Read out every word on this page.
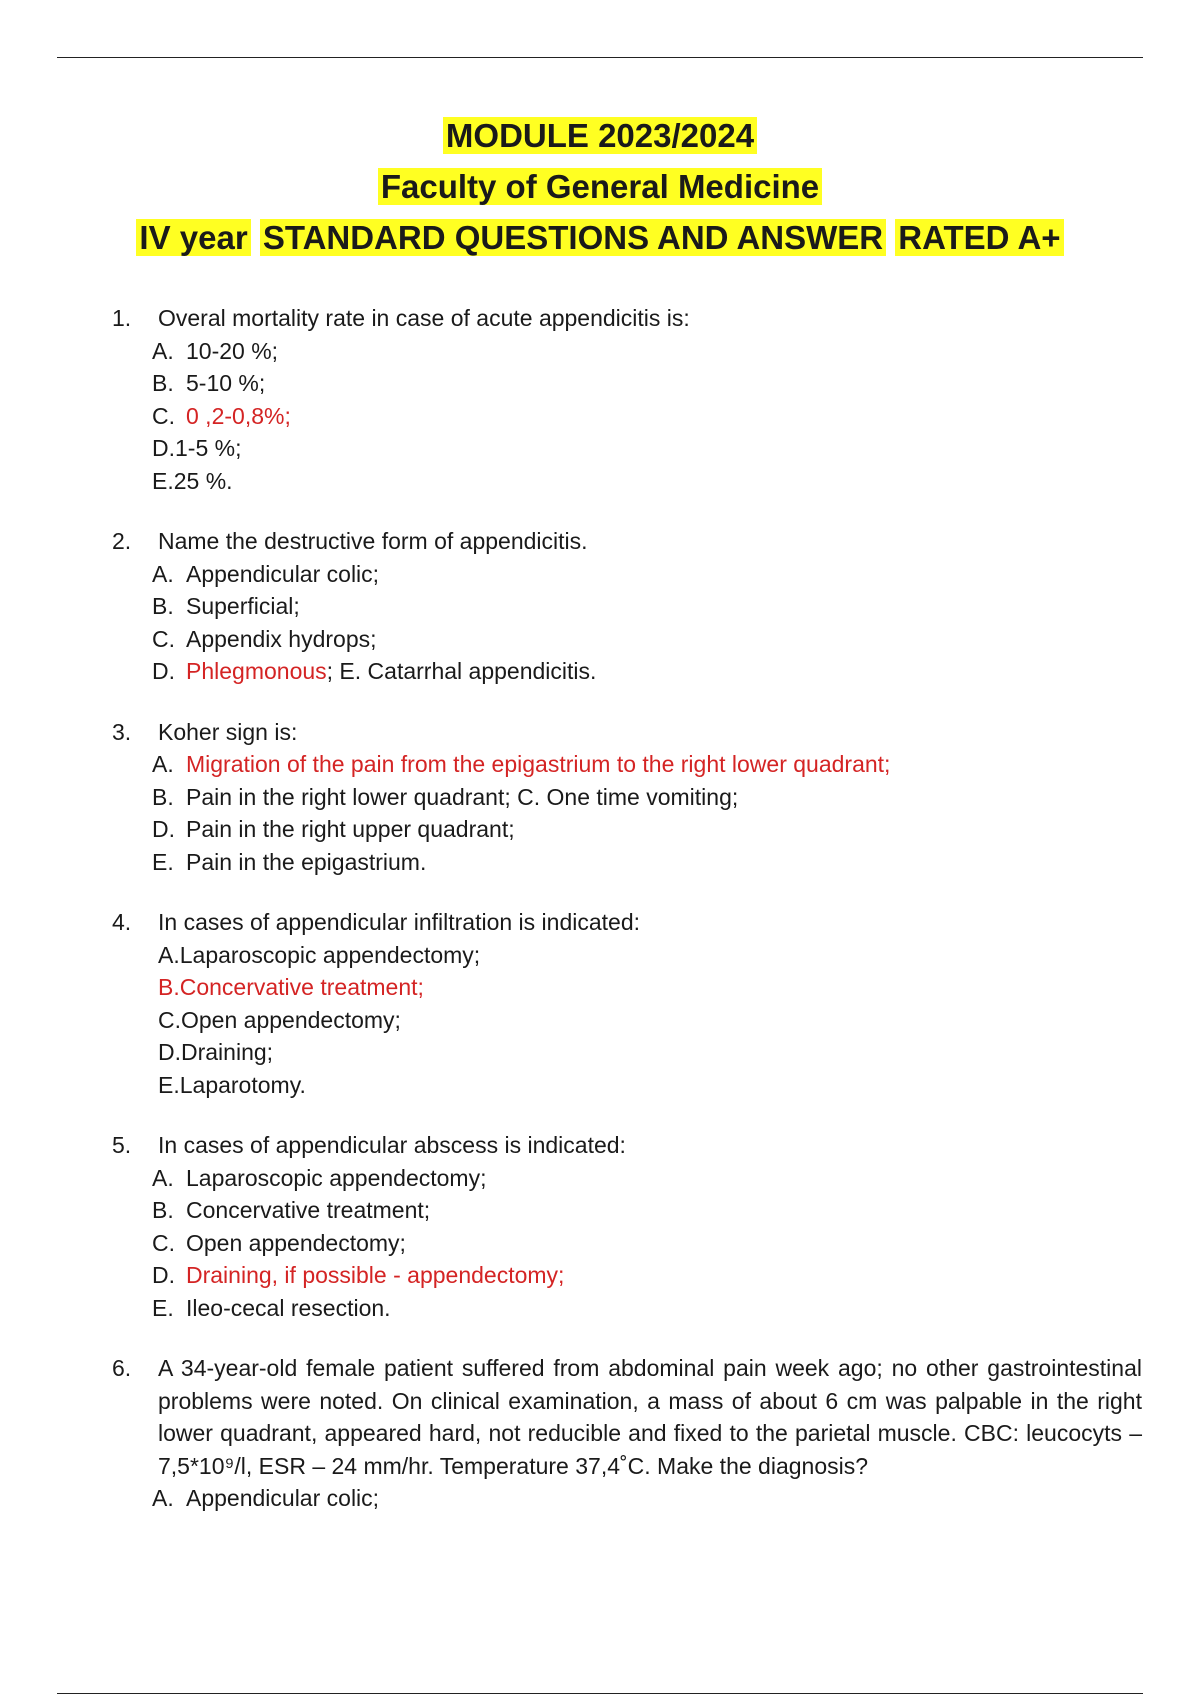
MODULE 2023/2024
Faculty of General Medicine
IV year STANDARD QUESTIONS AND ANSWER RATED A+
1.	Overal mortality rate in case of acute appendicitis is:
A. 10-20 %;
B. 5-10 %;
C. 0 ,2-0,8%;
D. 1-5 %;
E. 25 %.
2.	Name the destructive form of appendicitis.
A. Appendicular colic;
B. Superficial;
C. Appendix hydrops;
D. Phlegmonous; E. Catarrhal appendicitis.
3.	Koher sign is:
A. Migration of the pain from the epigastrium to the right lower quadrant;
B. Pain in the right lower quadrant; C. One time vomiting;
D. Pain in the right upper quadrant;
E. Pain in the epigastrium.
4.	In cases of appendicular infiltration is indicated:
A.Laparoscopic appendectomy;
B.Concervative treatment;
C.Open appendectomy;
D.Draining;
E.Laparotomy.
5.	In cases of appendicular abscess is indicated:
A. Laparoscopic appendectomy;
B. Concervative treatment;
C. Open appendectomy;
D. Draining, if possible - appendectomy;
E. Ileo-cecal resection.
6.	A 34-year-old female patient suffered from abdominal pain week ago; no other gastrointestinal problems were noted. On clinical examination, a mass of about 6 cm was palpable in the right lower quadrant, appeared hard, not reducible and fixed to the parietal muscle. CBC: leucocyts – 7,5*10⁹/l, ESR – 24 mm/hr. Temperature 37,4˚C. Make the diagnosis?
A. Appendicular colic;
